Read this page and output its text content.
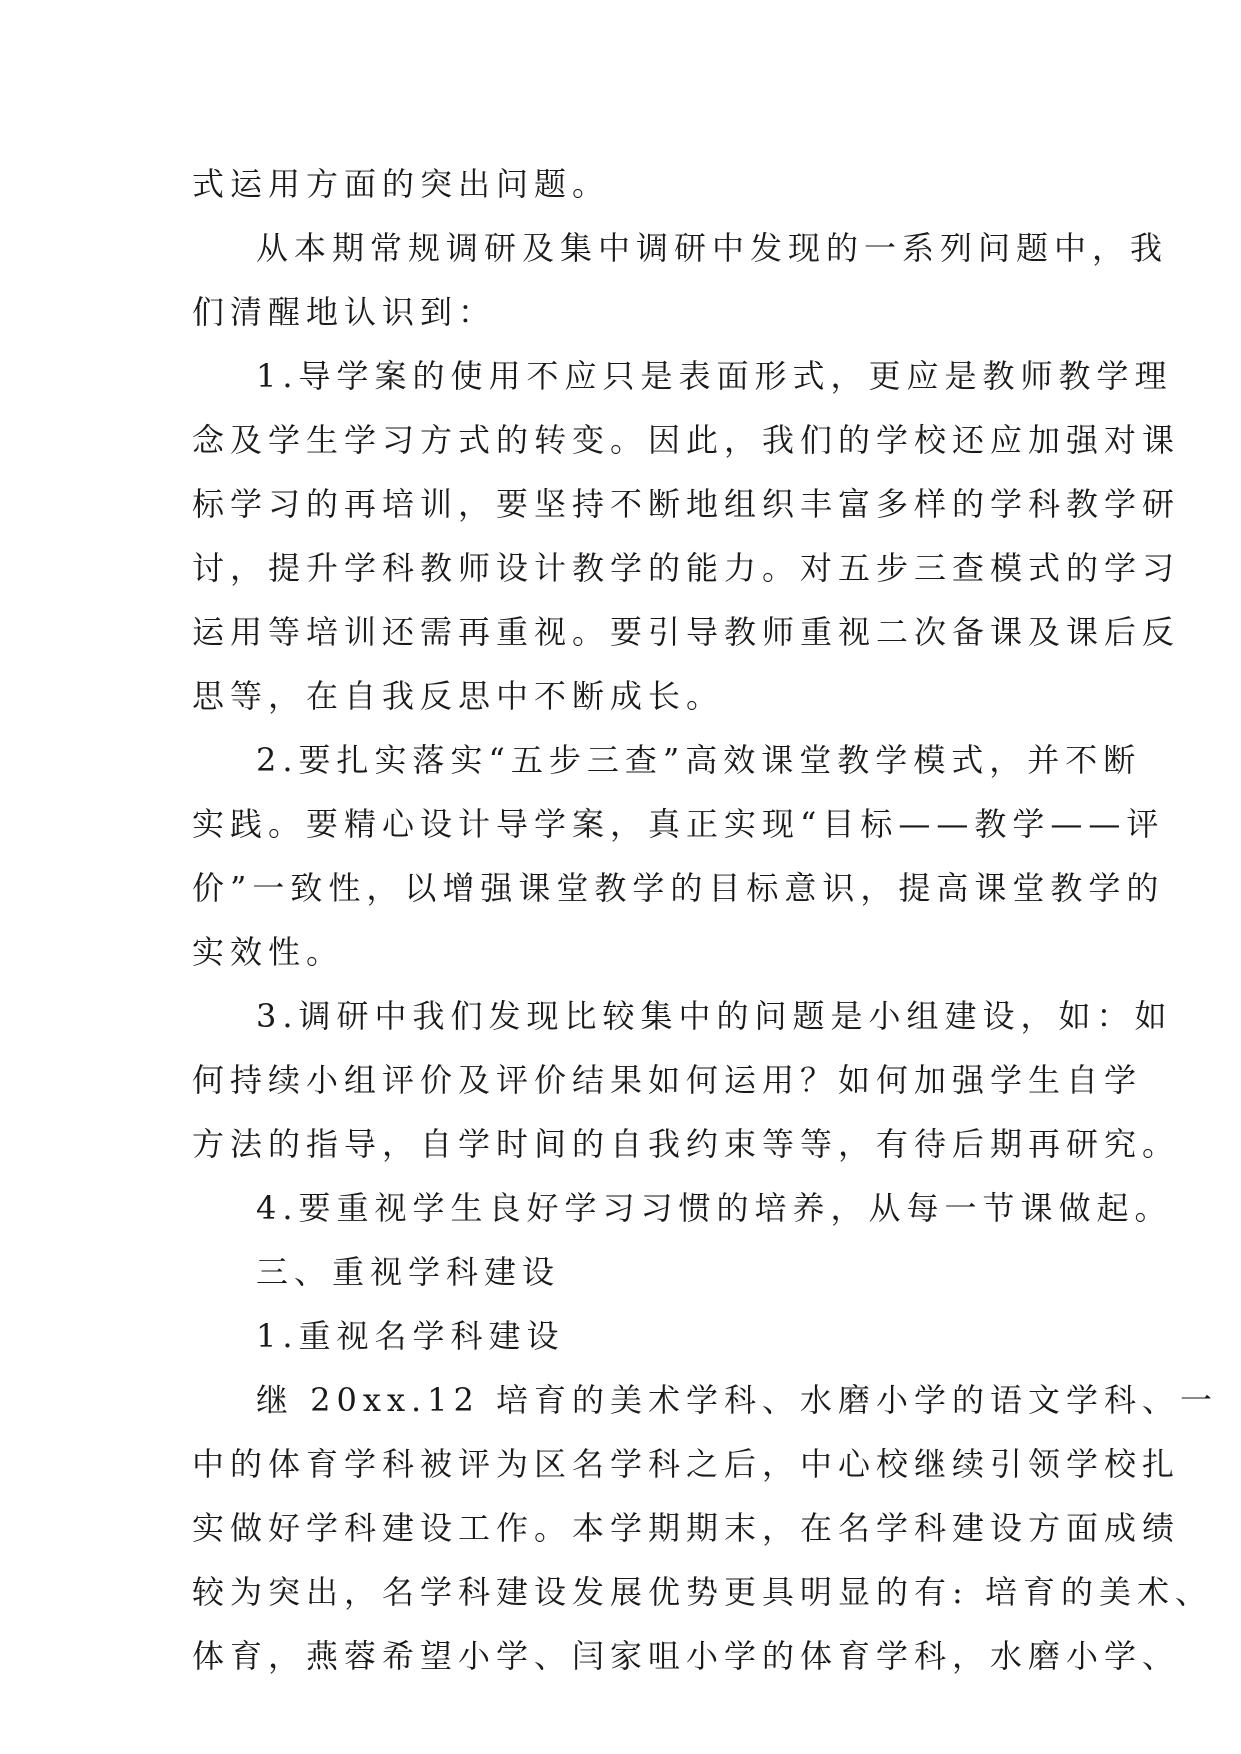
式运用方面的突出问题。
从本期常规调研及集中调研中发现的一系列问题中，我
们清醒地认识到：
1.导学案的使用不应只是表面形式，更应是教师教学理
念及学生学习方式的转变。因此，我们的学校还应加强对课
标学习的再培训，要坚持不断地组织丰富多样的学科教学研
讨，提升学科教师设计教学的能力。对五步三查模式的学习
运用等培训还需再重视。要引导教师重视二次备课及课后反
思等，在自我反思中不断成长。
2.要扎实落实“五步三查”高效课堂教学模式，并不断
实践。要精心设计导学案，真正实现“目标——教学——评
价”一致性，以增强课堂教学的目标意识，提高课堂教学的
实效性。
3.调研中我们发现比较集中的问题是小组建设，如：如
何持续小组评价及评价结果如何运用？如何加强学生自学
方法的指导，自学时间的自我约束等等，有待后期再研究。
4.要重视学生良好学习习惯的培养，从每一节课做起。
三、重视学科建设
1.重视名学科建设
继 20xx.12 培育的美术学科、水磨小学的语文学科、一
中的体育学科被评为区名学科之后，中心校继续引领学校扎
实做好学科建设工作。本学期期末，在名学科建设方面成绩
较为突出，名学科建设发展优势更具明显的有: 培育的美术、
体育，燕蓉希望小学、闫家咀小学的体育学科，水磨小学、
